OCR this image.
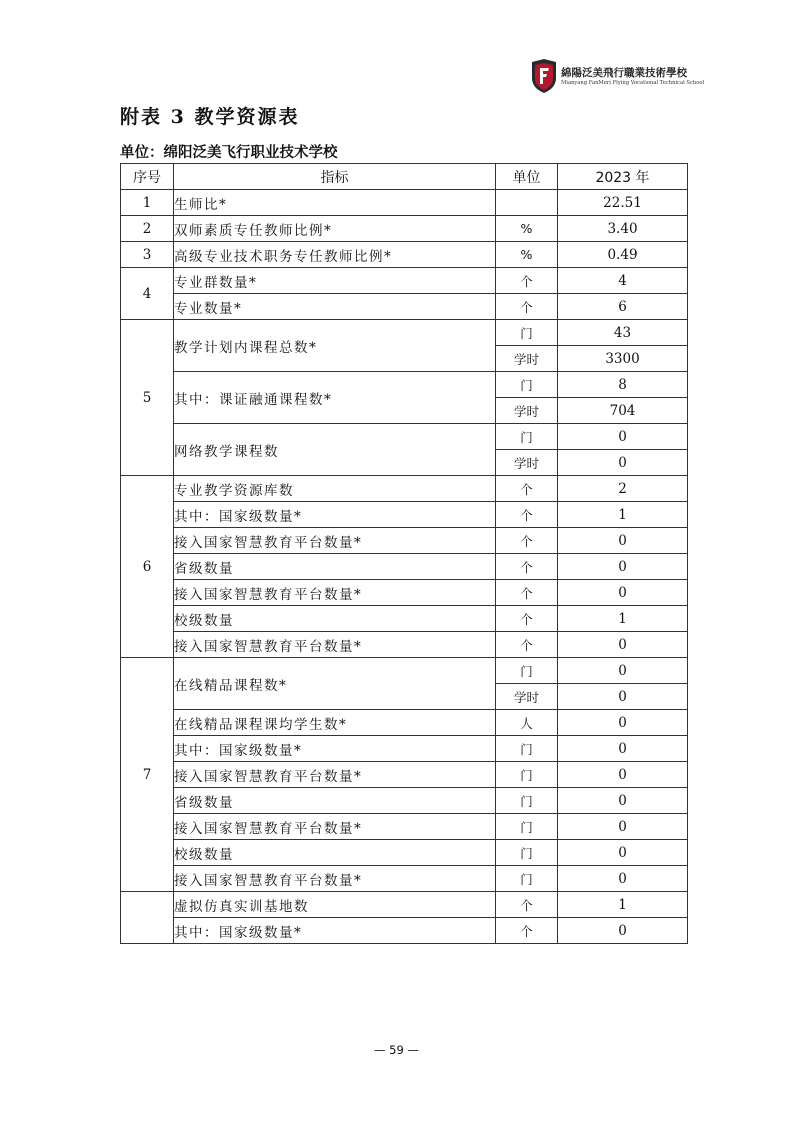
綿陽泛美飛行職業技術學校
Mianyang FanMeri Flying Vocational Technical School
附表 3 教学资源表
单位：绵阳泛美飞行职业技术学校
序号	指标	单位	2023 年
1	生师比*		22.51
2	双师素质专任教师比例*	%	3.40
3	高级专业技术职务专任教师比例*	%	0.49
4	专业群数量*	个	4
	专业数量*	个	6
5	教学计划内课程总数*	门	43
		学时	3300
	其中：课证融通课程数*	门	8
		学时	704
	网络教学课程数	门	0
		学时	0
6	专业教学资源库数	个	2
	其中：国家级数量*	个	1
	接入国家智慧教育平台数量*	个	0
	省级数量	个	0
	接入国家智慧教育平台数量*	个	0
	校级数量	个	1
	接入国家智慧教育平台数量*	个	0
7	在线精品课程数*	门	0
		学时	0
	在线精品课程课均学生数*	人	0
	其中：国家级数量*	门	0
	接入国家智慧教育平台数量*	门	0
	省级数量	门	0
	接入国家智慧教育平台数量*	门	0
	校级数量	门	0
	接入国家智慧教育平台数量*	门	0
	虚拟仿真实训基地数	个	1
	其中：国家级数量*	个	0
— 59 —
